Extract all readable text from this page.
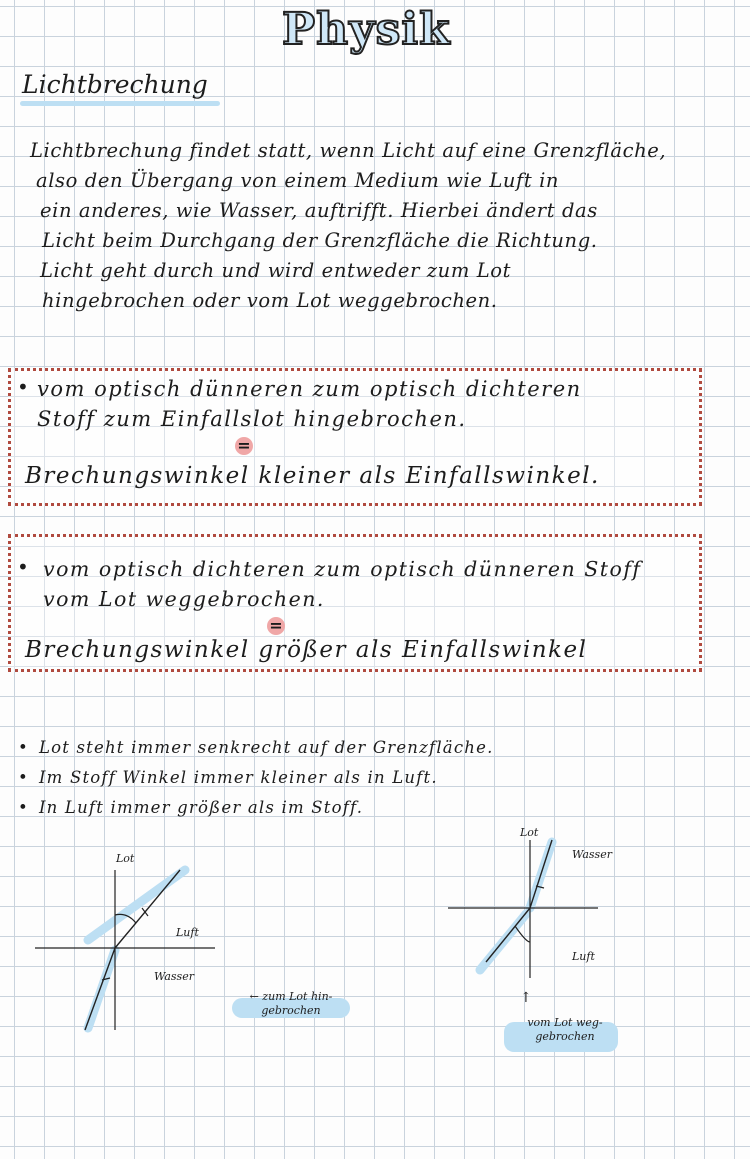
Physik
Lichtbrechung
Lichtbrechung findet statt, wenn Licht auf eine Grenzfläche,
also den Übergang von einem Medium wie Luft in
ein anderes, wie Wasser, auftrifft. Hierbei ändert das
Licht beim Durchgang der Grenzfläche die Richtung.
Licht geht durch und wird entweder zum Lot
hingebrochen oder vom Lot weggebrochen.
• vom optisch dünneren zum optisch dichteren
Stoff zum Einfallslot hingebrochen.
=
Brechungswinkel kleiner als Einfallswinkel.
• vom optisch dichteren zum optisch dünneren Stoff
vom Lot weggebrochen.
=
Brechungswinkel größer als Einfallswinkel
• Lot steht immer senkrecht auf der Grenzfläche.
• Im Stoff Winkel immer kleiner als in Luft.
• In Luft immer größer als im Stoff.
Lot
Luft
Wasser
← zum Lot hin-
gebrochen
Lot
Wasser
Luft
↑
vom Lot weg-
gebrochen
